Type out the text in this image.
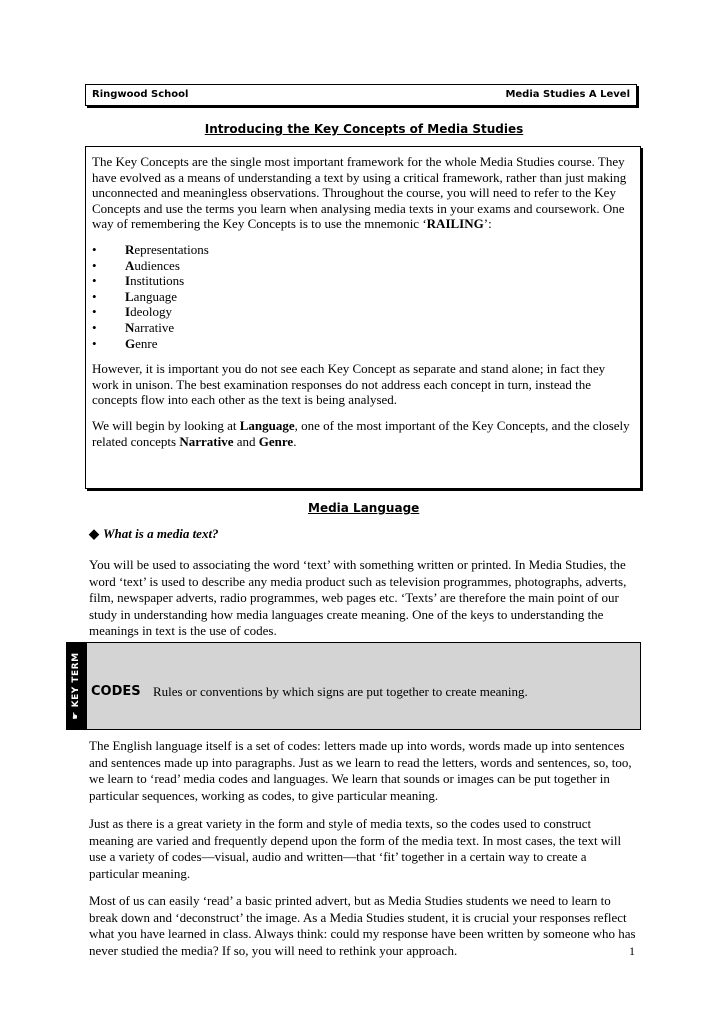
Ringwood School	Media Studies A Level
Introducing the Key Concepts of Media Studies

The Key Concepts are the single most important framework for the whole Media Studies course. They have evolved as a means of understanding a text by using a critical framework, rather than just making unconnected and meaningless observations. Throughout the course, you will need to refer to the Key Concepts and use the terms you learn when analysing media texts in your exams and coursework. One way of remembering the Key Concepts is to use the mnemonic ‘RAILING’:

• Representations
• Audiences
• Institutions
• Language
• Ideology
• Narrative
• Genre

However, it is important you do not see each Key Concept as separate and stand alone; in fact they work in unison. The best examination responses do not address each concept in turn, instead the concepts flow into each other as the text is being analysed.

We will begin by looking at Language, one of the most important of the Key Concepts, and the closely related concepts Narrative and Genre.

Media Language
◆ What is a media text?

You will be used to associating the word ‘text’ with something written or printed. In Media Studies, the word ‘text’ is used to describe any media product such as television programmes, photographs, adverts, film, newspaper adverts, radio programmes, web pages etc. ‘Texts’ are therefore the main point of our study in understanding how media languages create meaning. One of the keys to understanding the meanings in text is the use of codes.

☛ KEY TERM CODES Rules or conventions by which signs are put together to create meaning.

The English language itself is a set of codes: letters made up into words, words made up into sentences and sentences made up into paragraphs. Just as we learn to read the letters, words and sentences, so, too, we learn to ‘read’ media codes and languages. We learn that sounds or images can be put together in particular sequences, working as codes, to give particular meaning.

Just as there is a great variety in the form and style of media texts, so the codes used to construct meaning are varied and frequently depend upon the form of the media text. In most cases, the text will use a variety of codes—visual, audio and written—that ‘fit’ together in a certain way to create a particular meaning.

Most of us can easily ‘read’ a basic printed advert, but as Media Studies students we need to learn to break down and ‘deconstruct’ the image. As a Media Studies student, it is crucial your responses reflect what you have learned in class. Always think: could my response have been written by someone who has never studied the media? If so, you will need to rethink your approach.	1
